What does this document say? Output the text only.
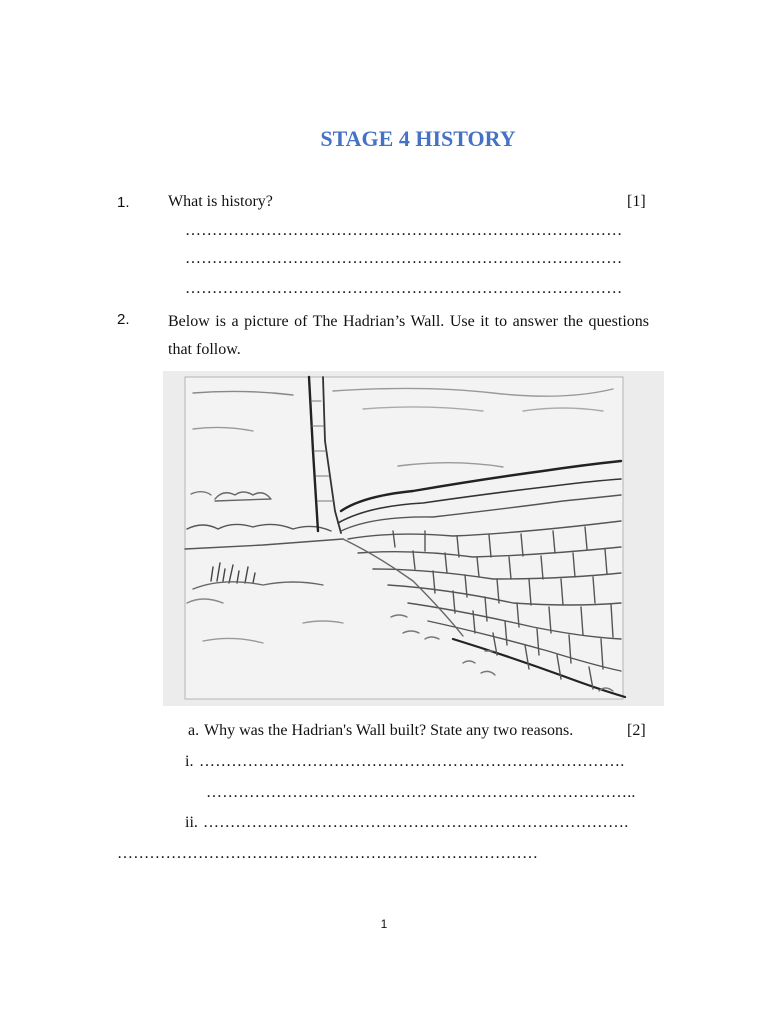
STAGE 4 HISTORY
1. What is history?	[1]
………………………………………………………………………
………………………………………………………………………
………………………………………………………………………
2. Below is a picture of The Hadrian’s Wall. Use it to answer the questions that follow.
a. Why was the Hadrian's Wall built? State any two reasons.	[2]
i. …………………………………………………………………….
……………………………………………………………………..
ii. …………………………………………………………………….
……………………………………………………………………
1
